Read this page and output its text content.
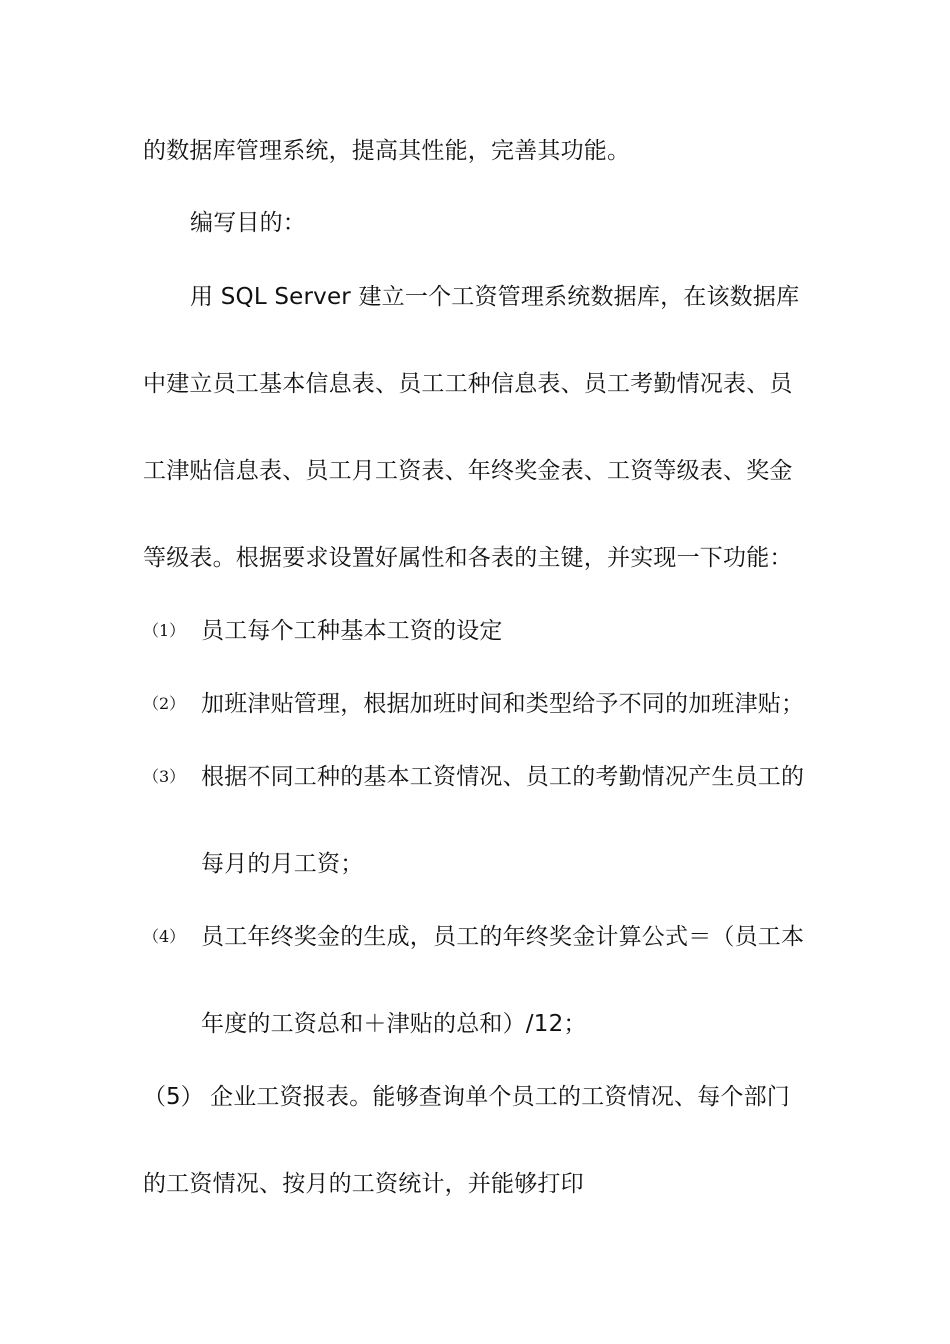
的数据库管理系统，提高其性能，完善其功能。
编写目的：
用 SQL Server 建立一个工资管理系统数据库，在该数据库
中建立员工基本信息表、员工工种信息表、员工考勤情况表、员
工津贴信息表、员工月工资表、年终奖金表、工资等级表、奖金
等级表。根据要求设置好属性和各表的主键，并实现一下功能：
（1） 员工每个工种基本工资的设定
（2） 加班津贴管理，根据加班时间和类型给予不同的加班津贴；
（3） 根据不同工种的基本工资情况、员工的考勤情况产生员工的
每月的月工资；
（4） 员工年终奖金的生成，员工的年终奖金计算公式＝（员工本
年度的工资总和＋津贴的总和）/12；
（5） 企业工资报表。能够查询单个员工的工资情况、每个部门
的工资情况、按月的工资统计，并能够打印
